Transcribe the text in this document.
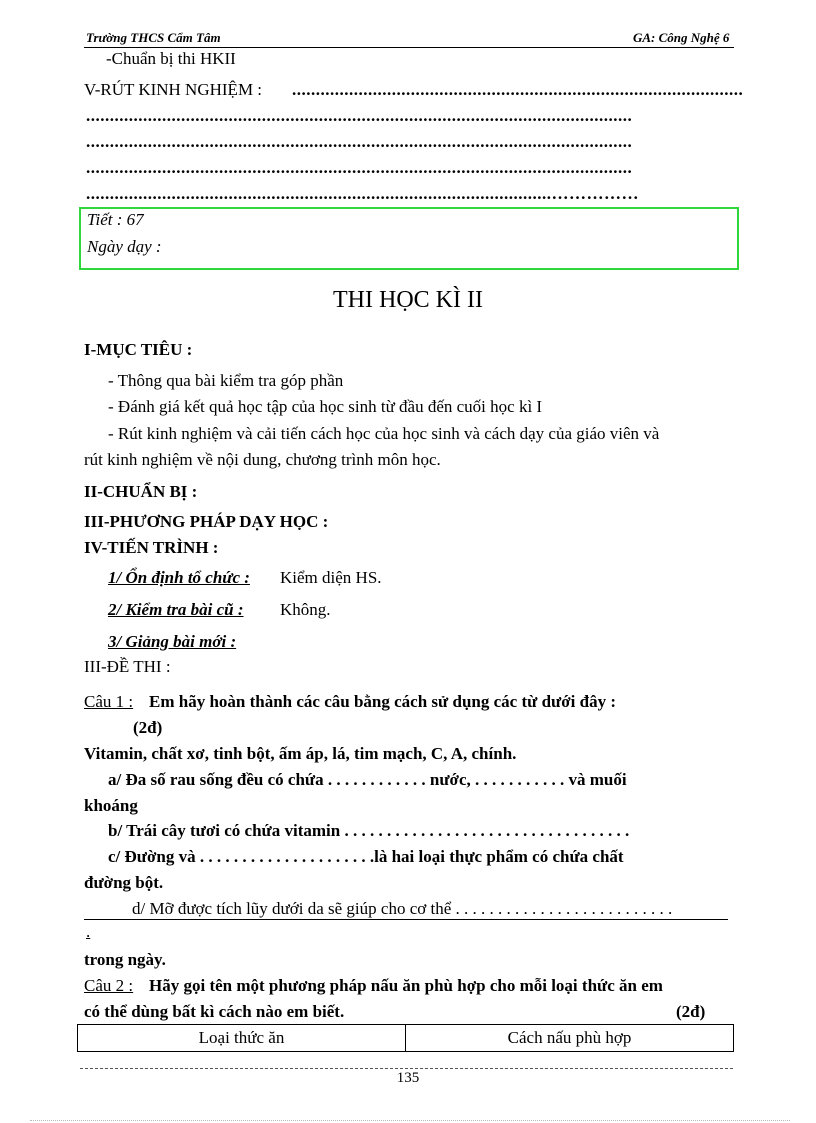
Trường THCS Cẩm Tâm	GA: Công Nghệ 6
-Chuẩn bị thi HKII
V-RÚT KINH NGHIỆM : ...............................................................................................
...................................................................................................................
...................................................................................................................
...................................................................................................................
..................................................................................................……………
Tiết : 67
Ngày dạy :
THI HỌC KÌ II
I-MỤC TIÊU :
- Thông qua bài kiểm tra góp phần
- Đánh giá kết quả học tập của học sinh từ đầu đến cuối học kì I
- Rút kinh nghiệm và cải tiến cách học của học sinh và cách dạy của giáo viên và
rút kinh nghiệm về nội dung, chương trình môn học.
II-CHUẨN BỊ :
III-PHƯƠNG PHÁP DẠY HỌC :
IV-TIẾN TRÌNH :
1/ Ổn định tổ chức : Kiểm diện HS.
2/ Kiểm tra bài cũ : Không.
3/ Giảng bài mới :
III-ĐỀ THI :
Câu 1 : Em hãy hoàn thành các câu bằng cách sử dụng các từ dưới đây :
(2đ)
Vitamin, chất xơ, tinh bột, ấm áp, lá, tim mạch, C, A, chính.
a/ Đa số rau sống đều có chứa . . . . . . . . . . . . nước, . . . . . . . . . . . và muối
khoáng
b/ Trái cây tươi có chứa vitamin . . . . . . . . . . . . . . . . . . . . . . . . . . . . . . . . . .
c/ Đường và . . . . . . . . . . . . . . . . . . . . .là hai loại thực phẩm có chứa chất
đường bột.
d/ Mỡ được tích lũy dưới da sẽ giúp cho cơ thể . . . . . . . . . . . . . . . . . . . . . . . . . .
.
trong ngày.
Câu 2 : Hãy gọi tên một phương pháp nấu ăn phù hợp cho mỗi loại thức ăn em
có thể dùng bất kì cách nào em biết.	(2đ)
Loại thức ăn	Cách nấu phù hợp
135
